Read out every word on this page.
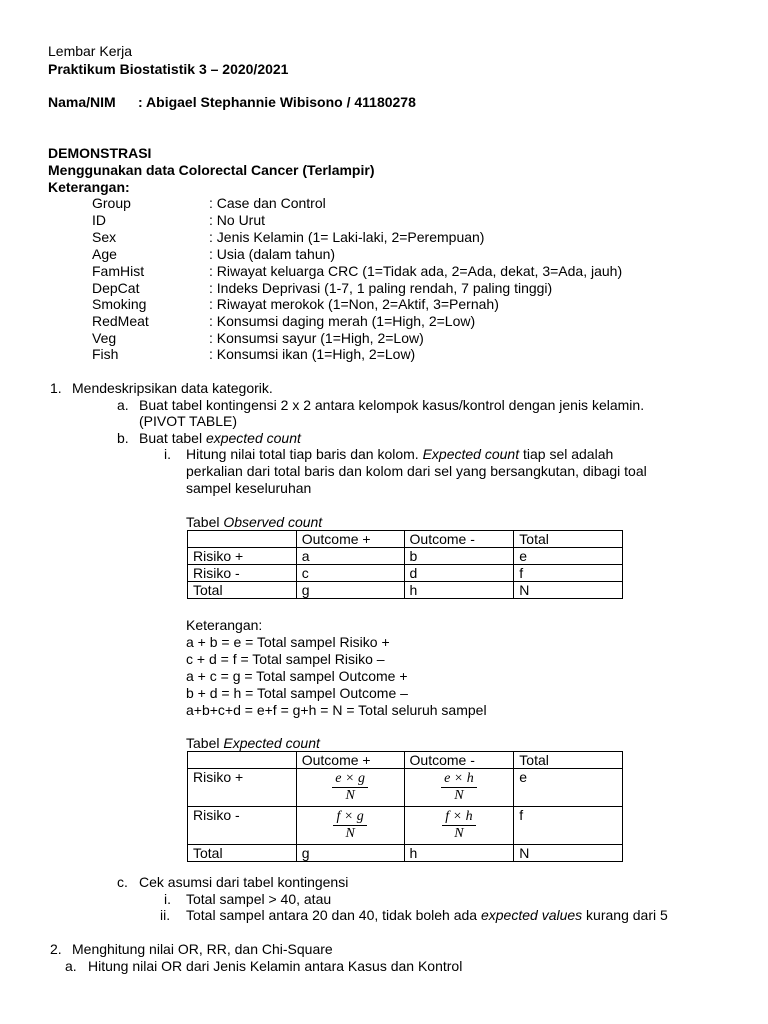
Lembar Kerja
Praktikum Biostatistik 3 – 2020/2021
Nama/NIM : Abigael Stephannie Wibisono / 41180278
DEMONSTRASI
Menggunakan data Colorectal Cancer (Terlampir)
Keterangan:
Group	: Case dan Control
ID	: No Urut
Sex	: Jenis Kelamin (1= Laki-laki, 2=Perempuan)
Age	: Usia (dalam tahun)
FamHist	: Riwayat keluarga CRC (1=Tidak ada, 2=Ada, dekat, 3=Ada, jauh)
DepCat	: Indeks Deprivasi (1-7, 1 paling rendah, 7 paling tinggi)
Smoking	: Riwayat merokok (1=Non, 2=Aktif, 3=Pernah)
RedMeat	: Konsumsi daging merah (1=High, 2=Low)
Veg	: Konsumsi sayur (1=High, 2=Low)
Fish	: Konsumsi ikan (1=High, 2=Low)
1. Mendeskripsikan data kategorik.
a. Buat tabel kontingensi 2 x 2 antara kelompok kasus/kontrol dengan jenis kelamin.
(PIVOT TABLE)
b. Buat tabel expected count
i. Hitung nilai total tiap baris dan kolom. Expected count tiap sel adalah
perkalian dari total baris dan kolom dari sel yang bersangkutan, dibagi toal
sampel keseluruhan
Tabel Observed count
	Outcome +	Outcome -	Total
Risiko +	a	b	e
Risiko -	c	d	f
Total	g	h	N
Keterangan:
a + b = e = Total sampel Risiko +
c + d = f = Total sampel Risiko –
a + c = g = Total sampel Outcome +
b + d = h = Total sampel Outcome –
a+b+c+d = e+f = g+h = N = Total seluruh sampel
Tabel Expected count
	Outcome +	Outcome -	Total
Risiko +	$\frac{e \times g}{N}$	$\frac{e \times h}{N}$	e
Risiko -	$\frac{f \times g}{N}$	$\frac{f \times h}{N}$	f
Total	g	h	N
c. Cek asumsi dari tabel kontingensi
i. Total sampel > 40, atau
ii. Total sampel antara 20 dan 40, tidak boleh ada expected values kurang dari 5
2. Menghitung nilai OR, RR, dan Chi-Square
a. Hitung nilai OR dari Jenis Kelamin antara Kasus dan Kontrol
